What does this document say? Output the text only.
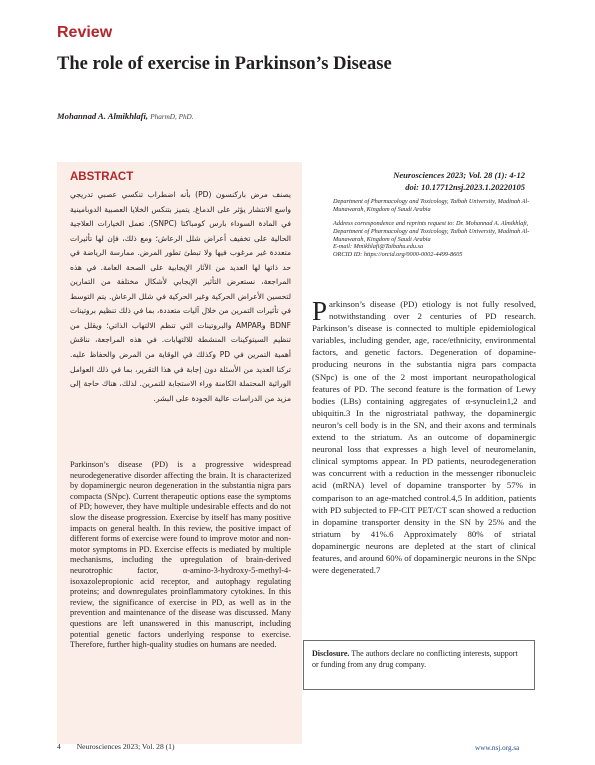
Review
The role of exercise in Parkinson’s Disease
Mohannad A. Almikhlafi, PharmD, PhD.
ABSTRACT
يصنف مرض باركنسون (PD) بأنه اضطراب تنكسي عصبي تدريجي واسع الانتشار يؤثر على الدماغ. يتميز بتنكس الخلايا العصبية الدوبامينية في المادة السوداء بارس كومباكتا (SNPC). تعمل الخيارات العلاجية الحالية على تخفيف أعراض شلل الرعاش؛ ومع ذلك، فإن لها تأثيرات متعددة غير مرغوب فيها ولا تبطئ تطور المرض. ممارسة الرياضة في حد ذاتها لها العديد من الآثار الإيجابية على الصحة العامة. في هذه المراجعة، نستعرض التأثير الإيجابي لأشكال مختلفة من التمارين لتحسين الأعراض الحركية وغير الحركية في شلل الرعاش. يتم التوسط في تأثيرات التمرين من خلال آليات متعددة، بما في ذلك تنظيم بروتينات BDNF وAMPAR والبروتينات التي تنظم الالتهاب الذاتي؛ ويقلل من تنظيم السيتوكينات المنشطة للالتهابات. في هذه المراجعة، نناقش أهمية التمرين في PD وكذلك في الوقاية من المرض والحفاظ عليه. تركنا العديد من الأسئلة دون إجابة في هذا التقرير، بما في ذلك العوامل الوراثية المحتملة الكامنة وراء الاستجابة للتمرين. لذلك، هناك حاجة إلى مزيد من الدراسات عالية الجودة على البشر.
Parkinson’s disease (PD) is a progressive widespread neurodegenerative disorder affecting the brain. It is characterized by dopaminergic neuron degeneration in the substantia nigra pars compacta (SNpc). Current therapeutic options ease the symptoms of PD; however, they have multiple undesirable effects and do not slow the disease progression. Exercise by itself has many positive impacts on general health. In this review, the positive impact of different forms of exercise were found to improve motor and non-motor symptoms in PD. Exercise effects is mediated by multiple mechanisms, including the upregulation of brain-derived neurotrophic factor, α-amino-3-hydroxy-5-methyl-4-isoxazolepropionic acid receptor, and autophagy regulating proteins; and downregulates proinflammatory cytokines. In this review, the significance of exercise in PD, as well as in the prevention and maintenance of the disease was discussed. Many questions are left unanswered in this manuscript, including potential genetic factors underlying response to exercise. Therefore, further high-quality studies on humans are needed.
Neurosciences 2023; Vol. 28 (1): 4-12
doi: 10.17712nsj.2023.1.20220105

Department of Pharmacology and Toxicology, Taibah University, Madinah Al-Munawarah, Kingdom of Saudi Arabia

Address correspondence and reprints request to: Dr. Mohannad A. Almikhlafi, Department of Pharmacology and Toxicology, Taibah University, Madinah Al-Munawarah, Kingdom of Saudi Arabia

E-mail: Mmikhlafi@Taibahu.edu.sa

ORCID ID: https://orcid.org/0000-0002-4499-8605

Parkinson’s disease (PD) etiology is not fully resolved, notwithstanding over 2 centuries of PD research. Parkinson’s disease is connected to multiple epidemiological variables, including gender, age, race/ethnicity, environmental factors, and genetic factors. Degeneration of dopamine-producing neurons in the substantia nigra pars compacta (SNpc) is one of the 2 most important neuropathological features of PD. The second feature is the formation of Lewy bodies (LBs) containing aggregates of α-synuclein1,2 and ubiquitin.3 In the nigrostriatal pathway, the dopaminergic neuron’s cell body is in the SN, and their axons and terminals extend to the striatum. As an outcome of dopaminergic neuronal loss that expresses a high level of neuromelanin, clinical symptoms appear. In PD patients, neurodegeneration was concurrent with a reduction in the messenger ribonucleic acid (mRNA) level of dopamine transporter by 57% in comparison to an age-matched control.4,5 In addition, patients with PD subjected to FP-CIT PET/CT scan showed a reduction in dopamine transporter density in the SN by 25% and the striatum by 41%.6 Approximately 80% of striatal dopaminergic neurons are depleted at the start of clinical features, and around 60% of dopaminergic neurons in the SNpc were degenerated.7
Disclosure. The authors declare no conflicting interests, support or funding from any drug company.
4 Neurosciences 2023; Vol. 28 (1)	www.nsj.org.sa
